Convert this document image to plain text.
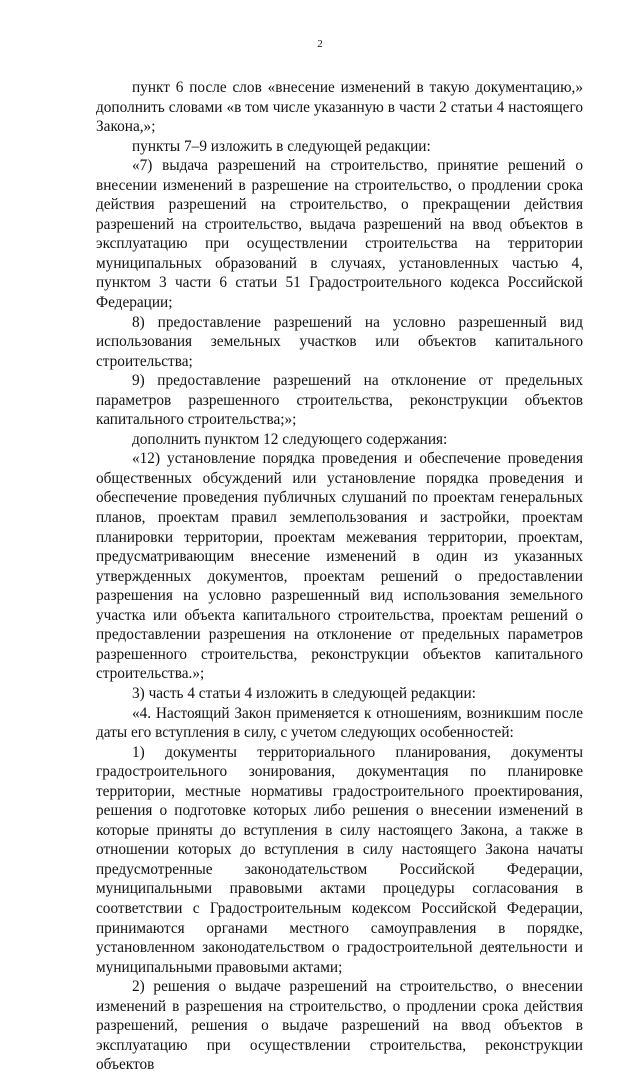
2

пункт 6 после слов «внесение изменений в такую документацию,» дополнить словами «в том числе указанную в части 2 статьи 4 настоящего Закона,»;

пункты 7–9 изложить в следующей редакции:

«7) выдача разрешений на строительство, принятие решений о внесении изменений в разрешение на строительство, о продлении срока действия разрешений на строительство, о прекращении действия разрешений на строительство, выдача разрешений на ввод объектов в эксплуатацию при осуществлении строительства на территории муниципальных образований в случаях, установленных частью 4, пунктом 3 части 6 статьи 51 Градостроительного кодекса Российской Федерации;

8) предоставление разрешений на условно разрешенный вид использования земельных участков или объектов капитального строительства;

9) предоставление разрешений на отклонение от предельных параметров разрешенного строительства, реконструкции объектов капитального строительства;»;

дополнить пунктом 12 следующего содержания:

«12) установление порядка проведения и обеспечение проведения общественных обсуждений или установление порядка проведения и обеспечение проведения публичных слушаний по проектам генеральных планов, проектам правил землепользования и застройки, проектам планировки территории, проектам межевания территории, проектам, предусматривающим внесение изменений в один из указанных утвержденных документов, проектам решений о предоставлении разрешения на условно разрешенный вид использования земельного участка или объекта капитального строительства, проектам решений о предоставлении разрешения на отклонение от предельных параметров разрешенного строительства, реконструкции объектов капитального строительства.»;

3) часть 4 статьи 4 изложить в следующей редакции:

«4. Настоящий Закон применяется к отношениям, возникшим после даты его вступления в силу, с учетом следующих особенностей:

1) документы территориального планирования, документы градостроительного зонирования, документация по планировке территории, местные нормативы градостроительного проектирования, решения о подготовке которых либо решения о внесении изменений в которые приняты до вступления в силу настоящего Закона, а также в отношении которых до вступления в силу настоящего Закона начаты предусмотренные законодательством Российской Федерации, муниципальными правовыми актами процедуры согласования в соответствии с Градостроительным кодексом Российской Федерации, принимаются органами местного самоуправления в порядке, установленном законодательством о градостроительной деятельности и муниципальными правовыми актами;

2) решения о выдаче разрешений на строительство, о внесении изменений в разрешения на строительство, о продлении срока действия разрешений, решения о выдаче разрешений на ввод объектов в эксплуатацию при осуществлении строительства, реконструкции объектов
